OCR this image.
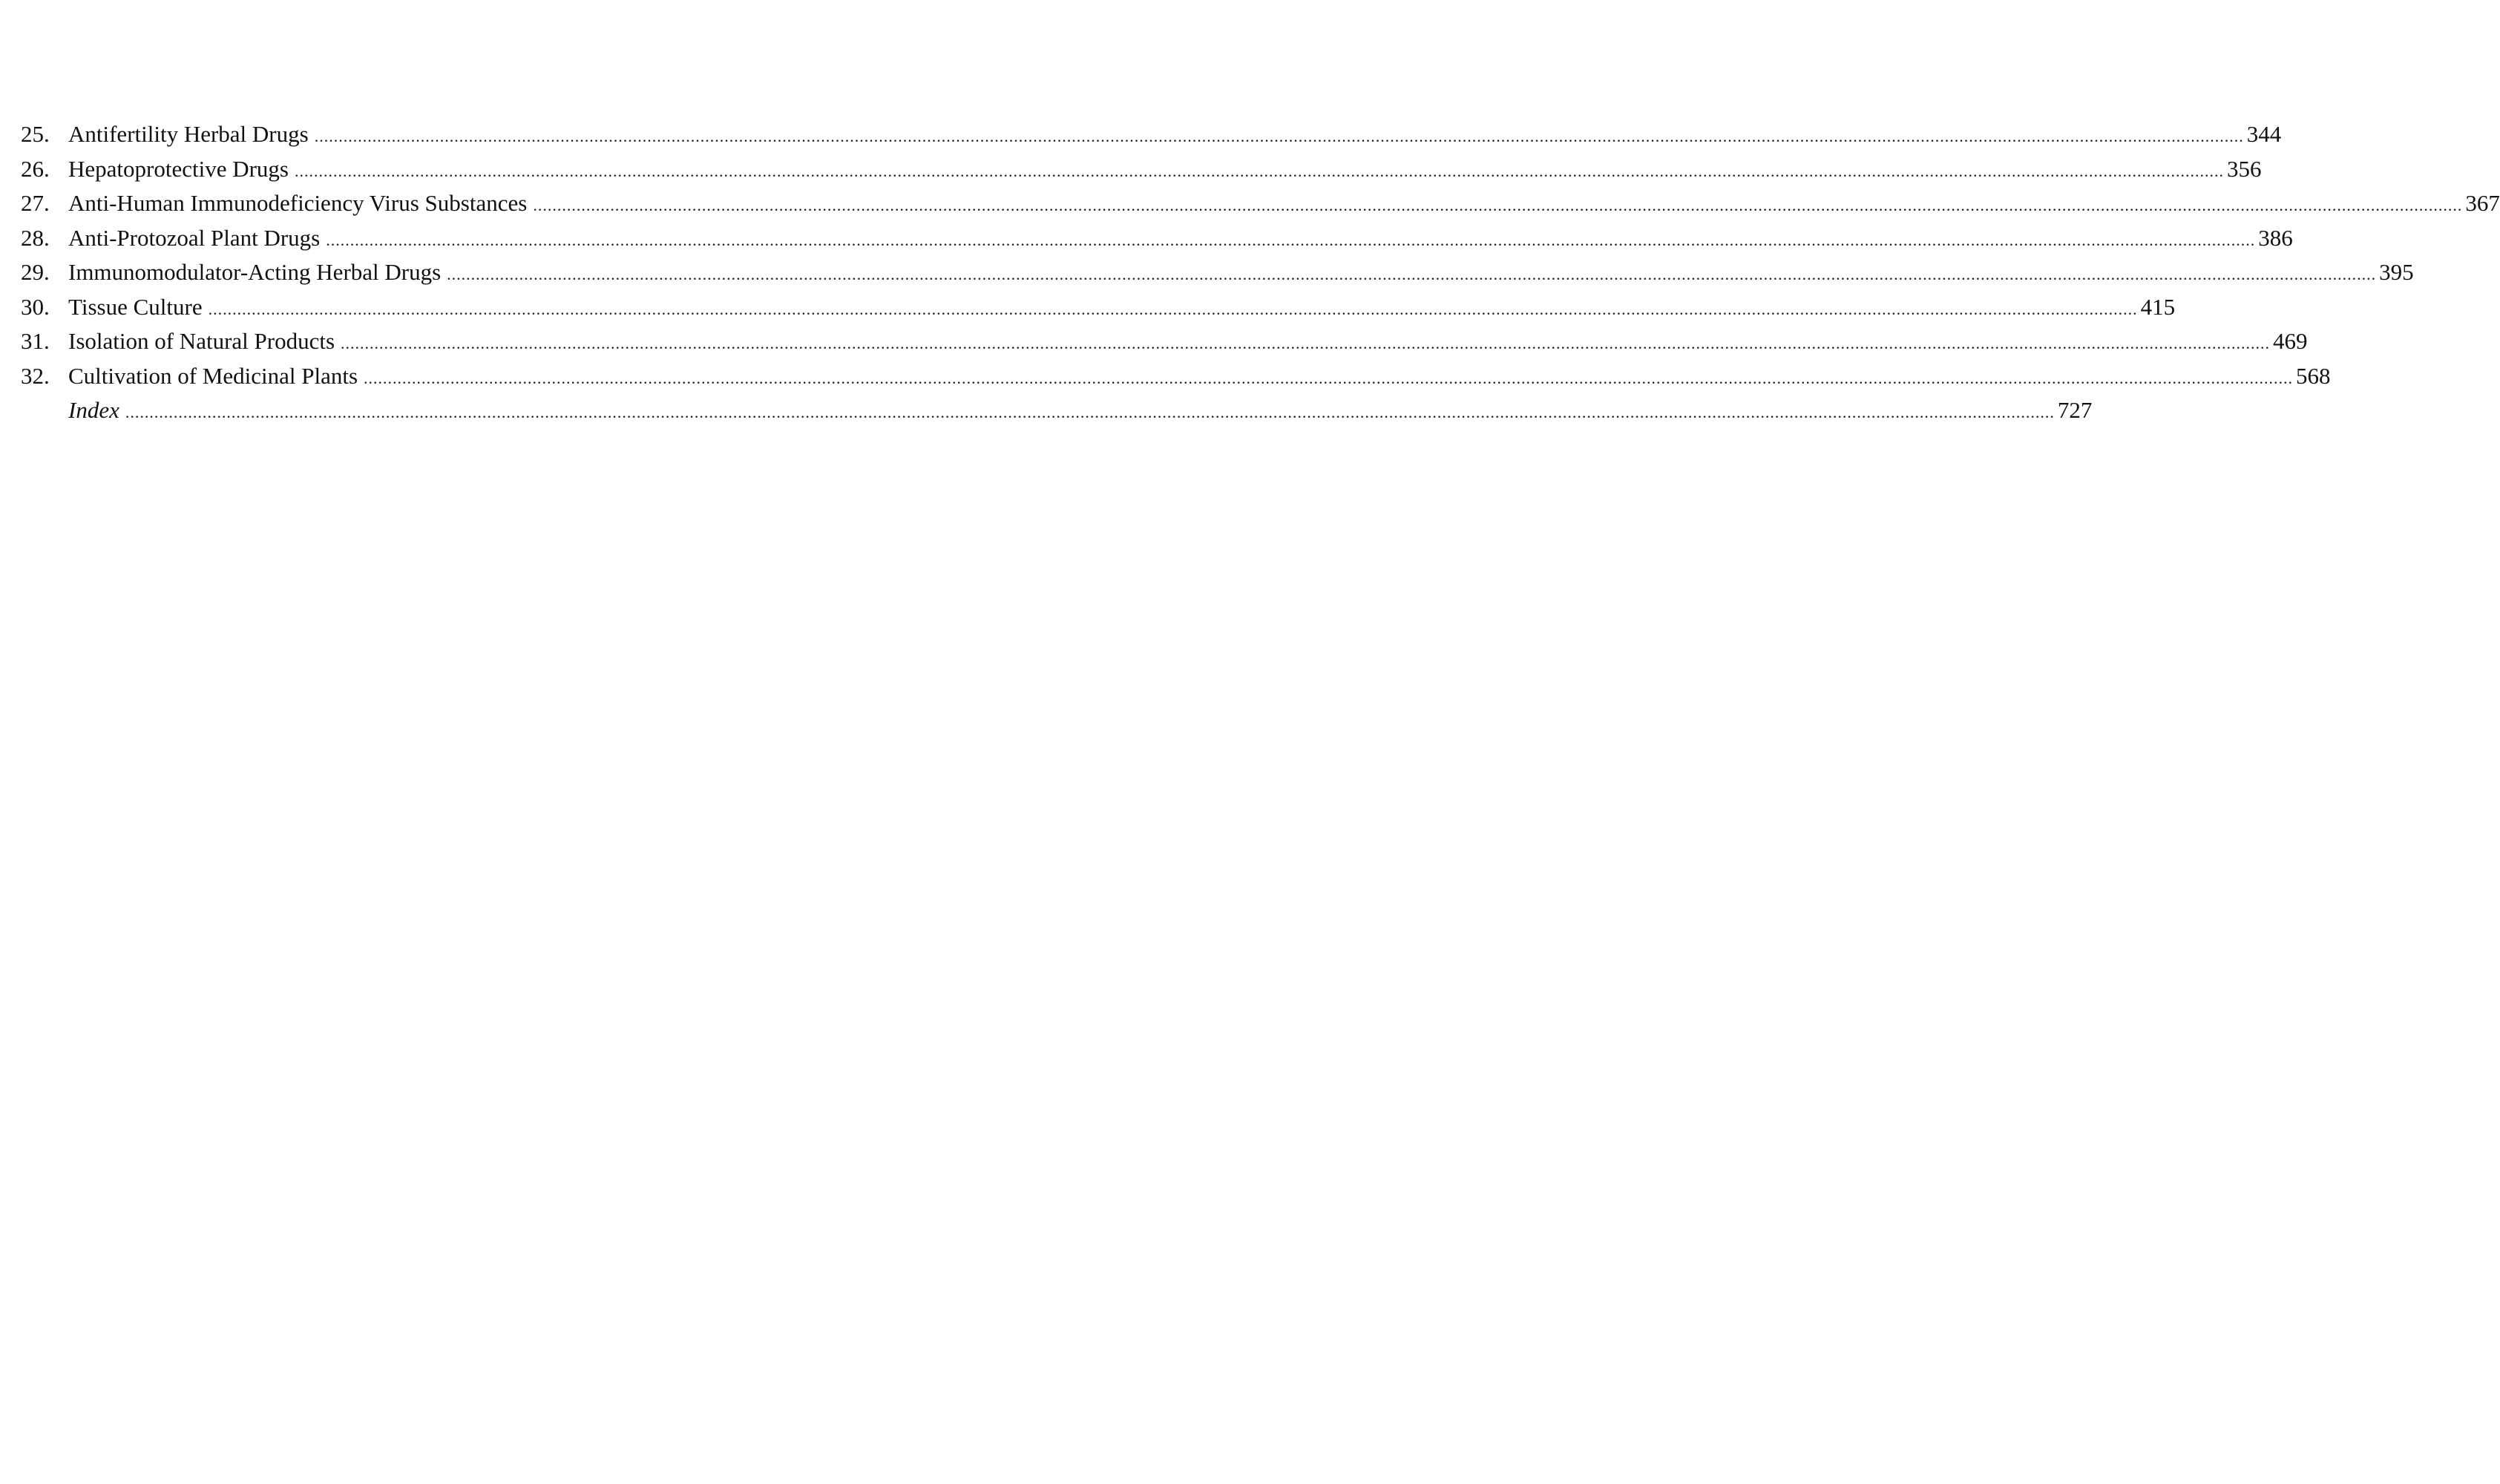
25. Antifertility Herbal Drugs ................................................................................................................................................................................................................................................................................................................................................................................................................ 344
26. Hepatoprotective Drugs ................................................................................................................................................................................................................................................................................................................................................................................................................ 356
27. Anti-Human Immunodeficiency Virus Substances ................................................................................................................................................................................................................................................................................................................................................................................................................ 367
28. Anti-Protozoal Plant Drugs ................................................................................................................................................................................................................................................................................................................................................................................................................ 386
29. Immunomodulator-Acting Herbal Drugs ................................................................................................................................................................................................................................................................................................................................................................................................................ 395
30. Tissue Culture ................................................................................................................................................................................................................................................................................................................................................................................................................ 415
31. Isolation of Natural Products ................................................................................................................................................................................................................................................................................................................................................................................................................ 469
32. Cultivation of Medicinal Plants ................................................................................................................................................................................................................................................................................................................................................................................................................ 568
Index ................................................................................................................................................................................................................................................................................................................................................................................................................ 727
